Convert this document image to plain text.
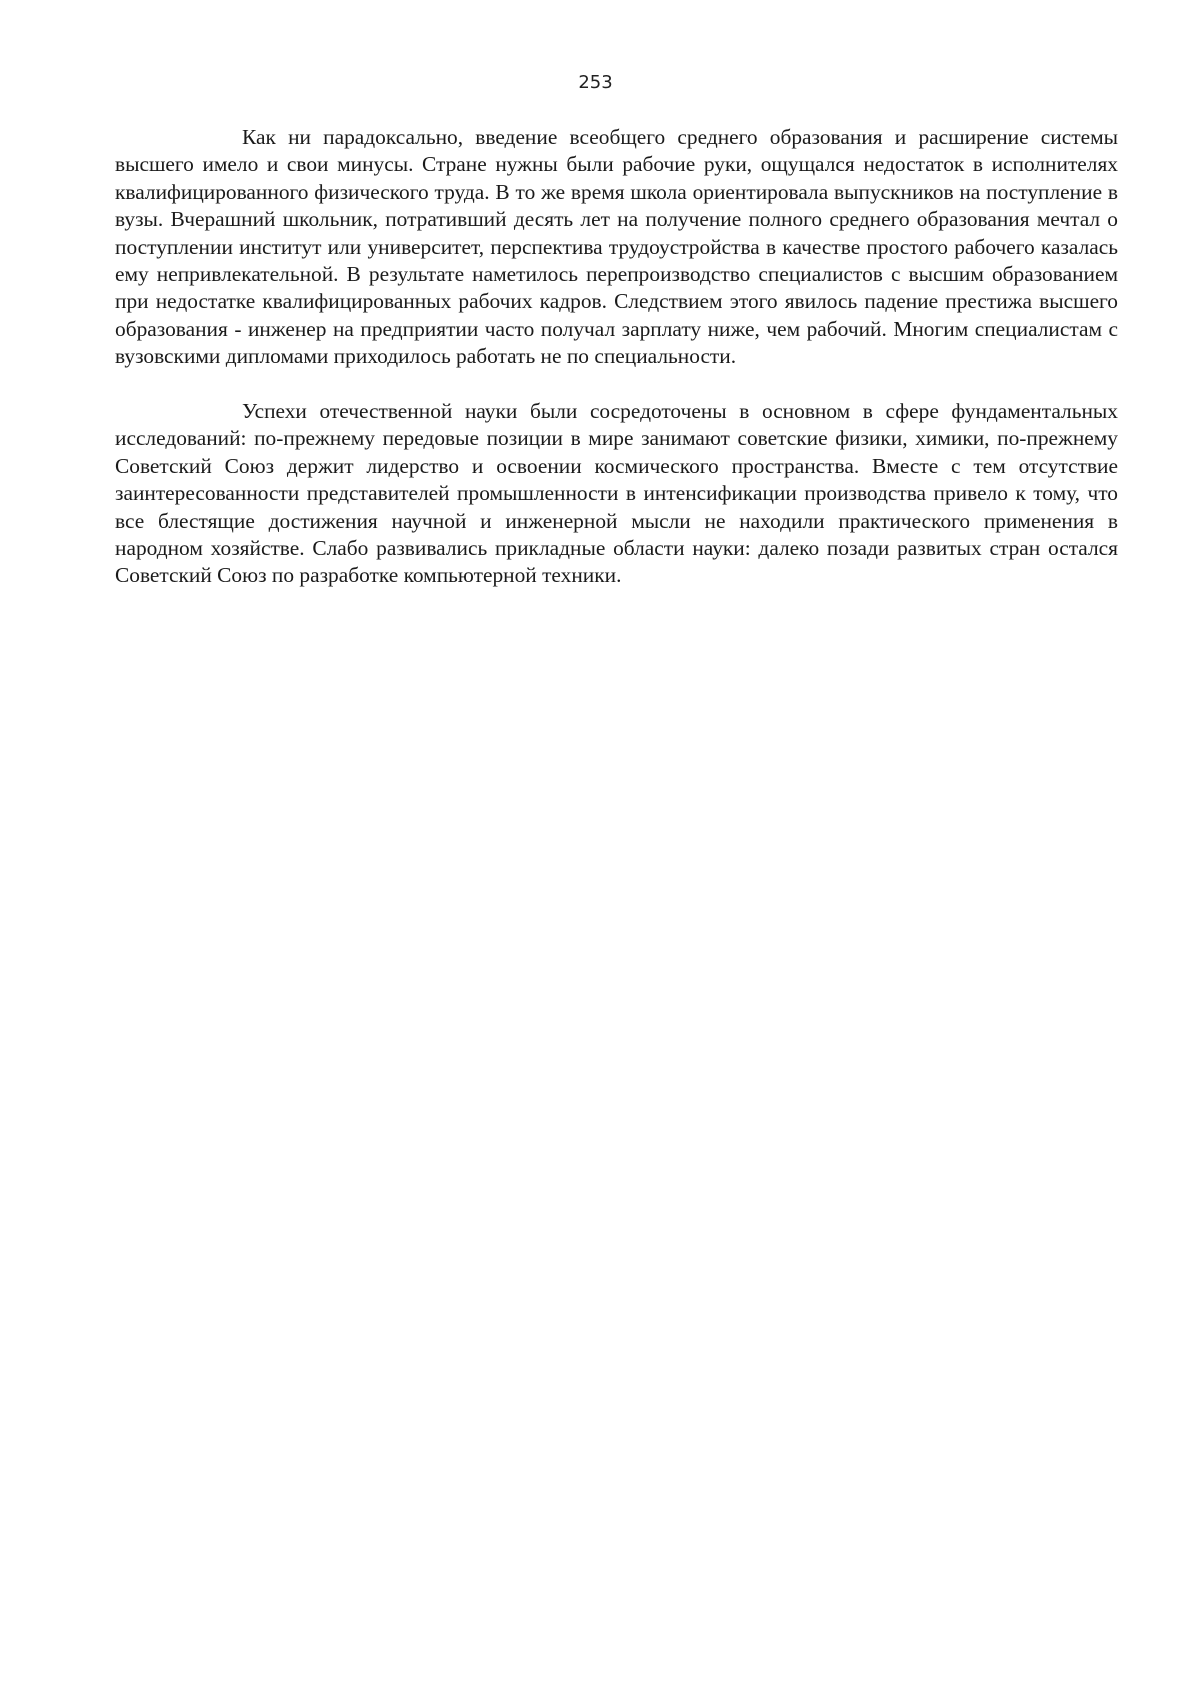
253

Как ни парадоксально, введение всеобщего среднего образования и расширение системы высшего имело и свои минусы. Стране нужны были рабочие руки, ощущался недостаток в исполнителях квалифицированного физического труда. В то же время школа ориентировала выпускников на поступление в вузы. Вчерашний школьник, потративший десять лет на получение полного среднего образования мечтал о поступлении институт или университет, перспектива трудоустройства в качестве простого рабочего казалась ему непривлекательной. В результате наметилось перепроизводство специалистов с высшим образованием при недостатке квалифицированных рабочих кадров. Следствием этого явилось падение престижа высшего образования - инженер на предприятии часто получал зарплату ниже, чем рабочий. Многим специалистам с вузовскими дипломами приходилось работать не по специальности.

Успехи отечественной науки были сосредоточены в основном в сфере фундаментальных исследований: по-прежнему передовые позиции в мире занимают советские физики, химики, по-прежнему Советский Союз держит лидерство и освоении космического пространства. Вместе с тем отсутствие заинтересованности представителей промышленности в интенсификации производства привело к тому, что все блестящие достижения научной и инженерной мысли не находили практического применения в народном хозяйстве. Слабо развивались прикладные области науки: далеко позади развитых стран остался Советский Союз по разработке компьютерной техники.
